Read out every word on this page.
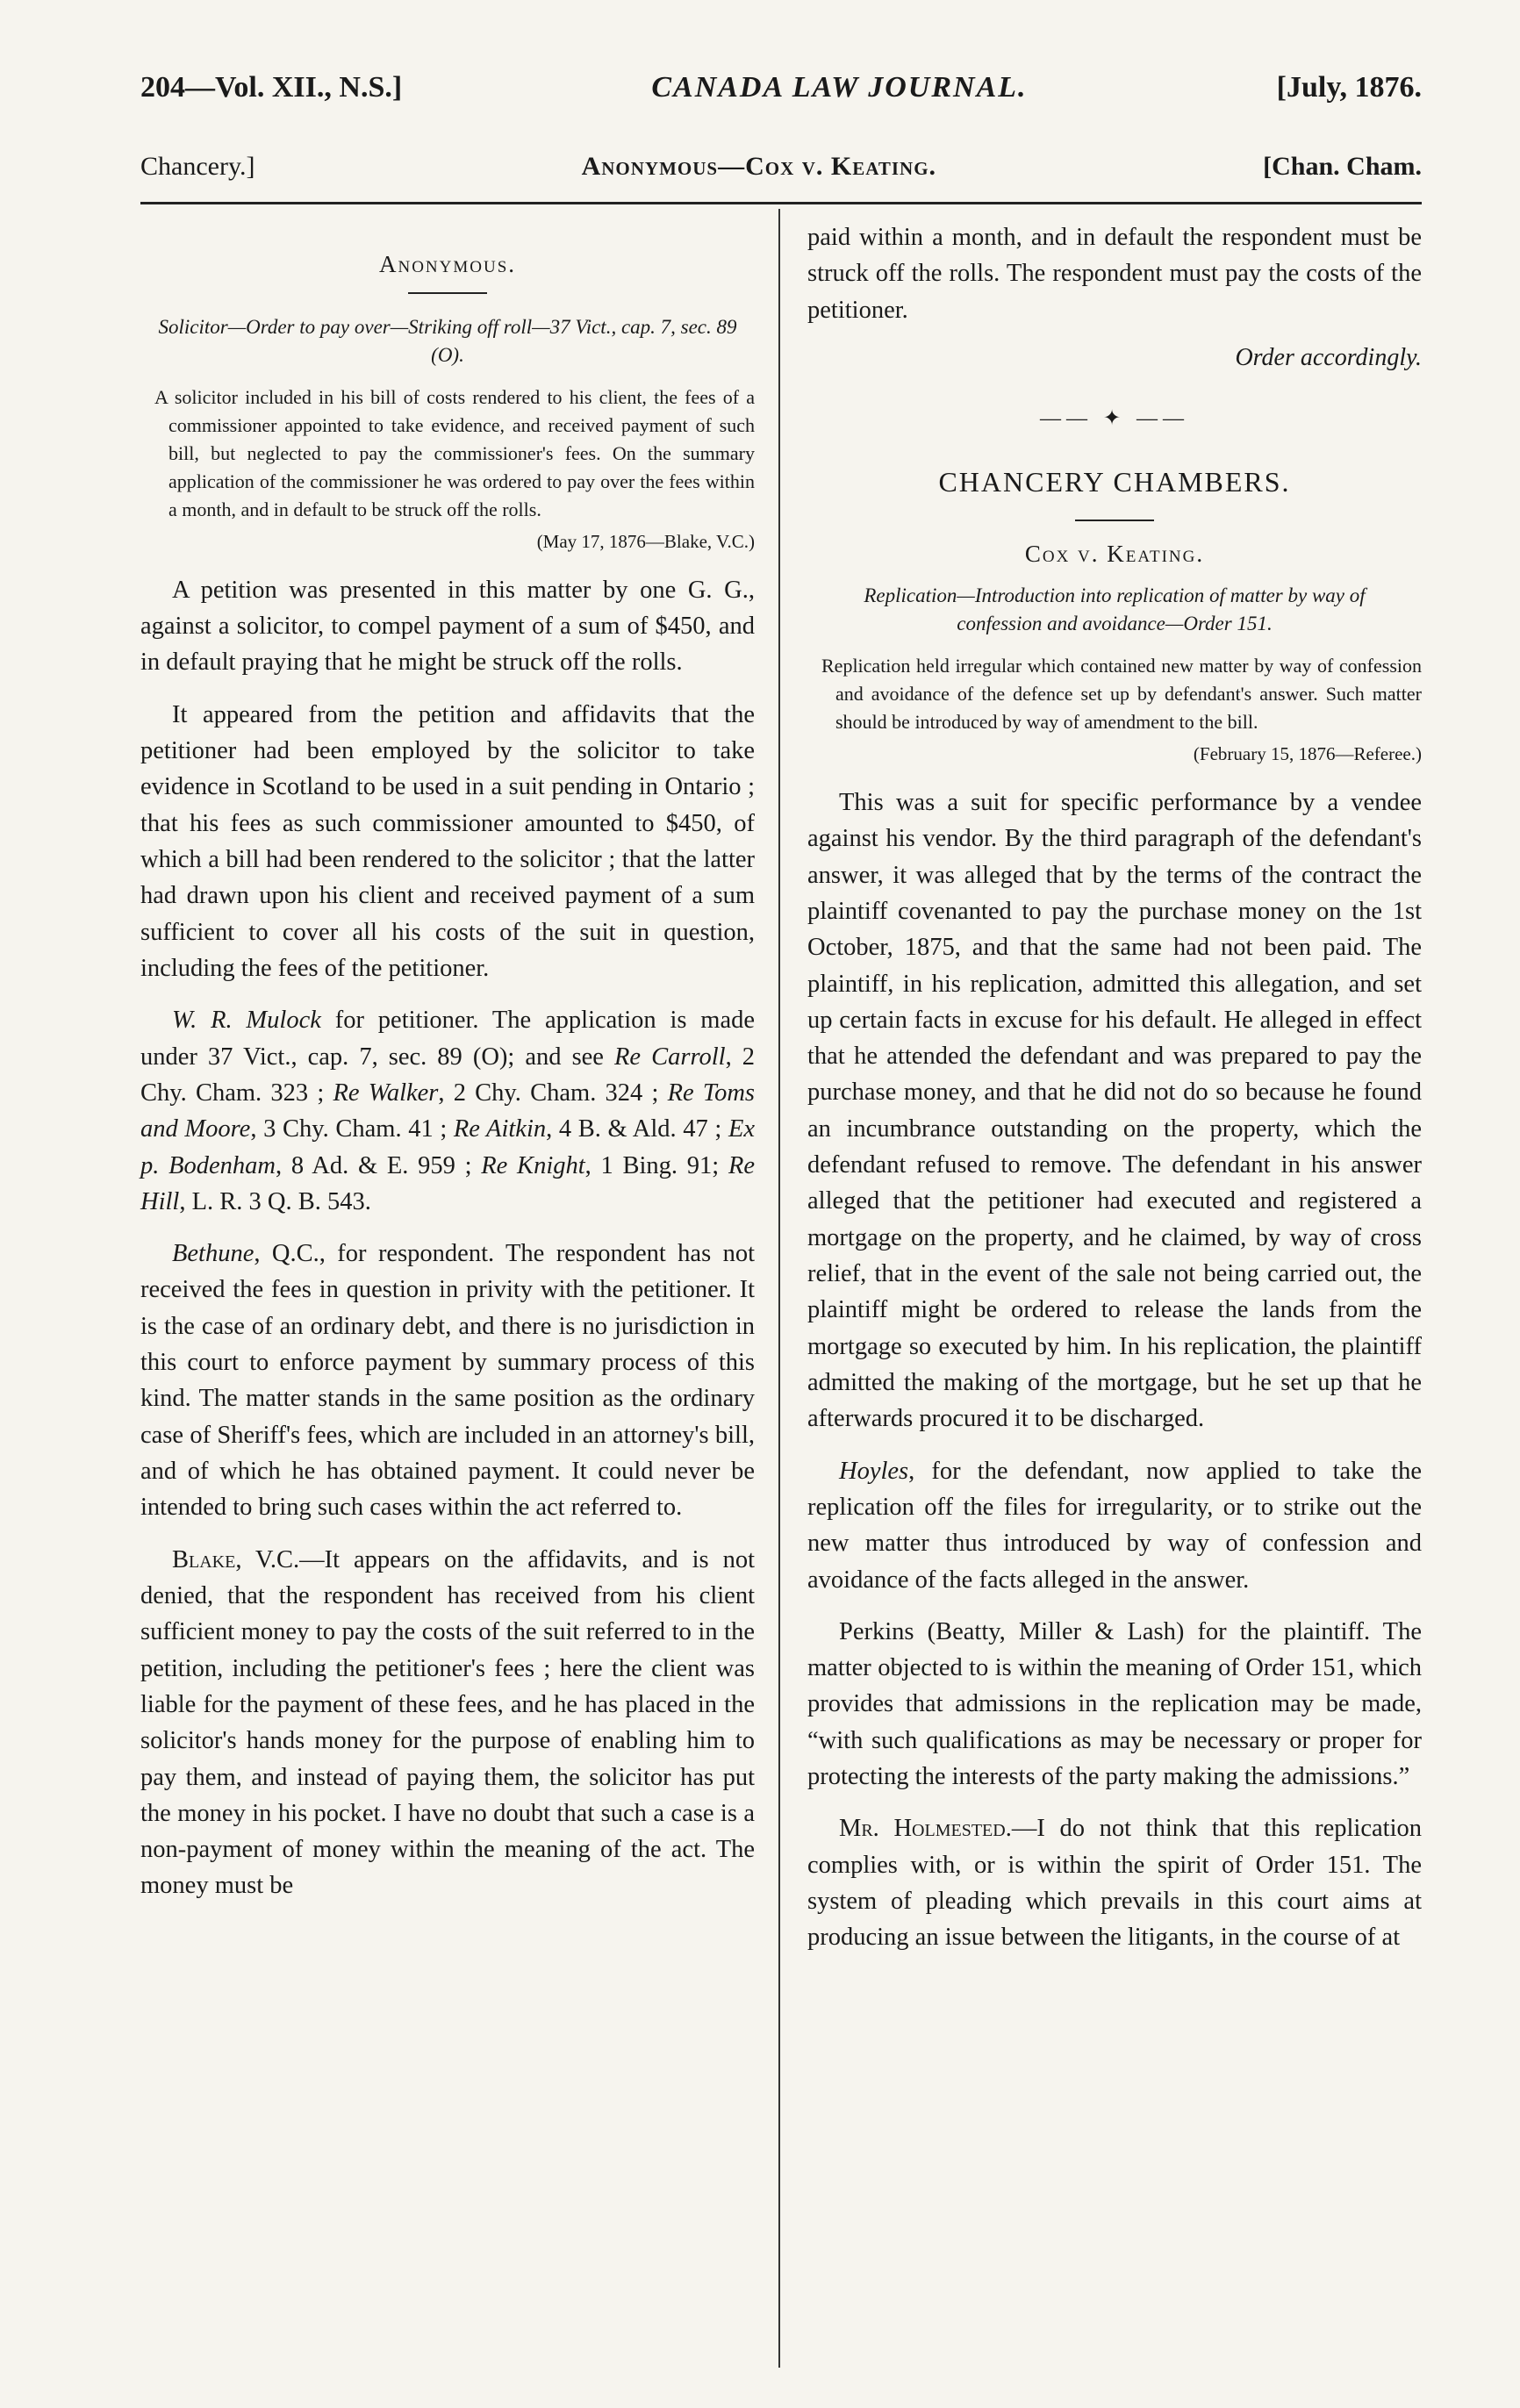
204—Vol. XII., N.S.]	CANADA LAW JOURNAL.	[July, 1876.
Chancery.]	Anonymous—Cox v. Keating.	[Chan. Cham.
Anonymous.
Solicitor—Order to pay over—Striking off roll—37 Vict., cap. 7, sec. 89 (O).
A solicitor included in his bill of costs rendered to his client, the fees of a commissioner appointed to take evidence, and received payment of such bill, but neglected to pay the commissioner's fees. On the summary application of the commissioner he was ordered to pay over the fees within a month, and in default to be struck off the rolls.
(May 17, 1876—Blake, V.C.)

A petition was presented in this matter by one G. G., against a solicitor, to compel payment of a sum of $450, and in default praying that he might be struck off the rolls.

It appeared from the petition and affidavits that the petitioner had been employed by the solicitor to take evidence in Scotland to be used in a suit pending in Ontario ; that his fees as such commissioner amounted to $450, of which a bill had been rendered to the solicitor ; that the latter had drawn upon his client and received payment of a sum sufficient to cover all his costs of the suit in question, including the fees of the petitioner.

W. R. Mulock for petitioner. The application is made under 37 Vict., cap. 7, sec. 89 (O); and see Re Carroll, 2 Chy. Cham. 323 ; Re Walker, 2 Chy. Cham. 324 ; Re Toms and Moore, 3 Chy. Cham. 41 ; Re Aitkin, 4 B. & Ald. 47 ; Ex p. Bodenham, 8 Ad. & E. 959 ; Re Knight, 1 Bing. 91; Re Hill, L. R. 3 Q. B. 543.

Bethune, Q.C., for respondent. The respondent has not received the fees in question in privity with the petitioner. It is the case of an ordinary debt, and there is no jurisdiction in this court to enforce payment by summary process of this kind. The matter stands in the same position as the ordinary case of Sheriff's fees, which are included in an attorney's bill, and of which he has obtained payment. It could never be intended to bring such cases within the act referred to.

Blake, V.C.—It appears on the affidavits, and is not denied, that the respondent has received from his client sufficient money to pay the costs of the suit referred to in the petition, including the petitioner's fees ; here the client was liable for the payment of these fees, and he has placed in the solicitor's hands money for the purpose of enabling him to pay them, and instead of paying them, the solicitor has put the money in his pocket. I have no doubt that such a case is a non-payment of money within the meaning of the act. The money must be

paid within a month, and in default the respondent must be struck off the rolls. The respondent must pay the costs of the petitioner.

Order accordingly.
—— ✦ ——
CHANCERY CHAMBERS.
Cox v. Keating.
Replication—Introduction into replication of matter by way of confession and avoidance—Order 151.
Replication held irregular which contained new matter by way of confession and avoidance of the defence set up by defendant's answer. Such matter should be introduced by way of amendment to the bill.
(February 15, 1876—Referee.)

This was a suit for specific performance by a vendee against his vendor. By the third paragraph of the defendant's answer, it was alleged that by the terms of the contract the plaintiff covenanted to pay the purchase money on the 1st October, 1875, and that the same had not been paid. The plaintiff, in his replication, admitted this allegation, and set up certain facts in excuse for his default. He alleged in effect that he attended the defendant and was prepared to pay the purchase money, and that he did not do so because he found an incumbrance outstanding on the property, which the defendant refused to remove. The defendant in his answer alleged that the petitioner had executed and registered a mortgage on the property, and he claimed, by way of cross relief, that in the event of the sale not being carried out, the plaintiff might be ordered to release the lands from the mortgage so executed by him. In his replication, the plaintiff admitted the making of the mortgage, but he set up that he afterwards procured it to be discharged.

Hoyles, for the defendant, now applied to take the replication off the files for irregularity, or to strike out the new matter thus introduced by way of confession and avoidance of the facts alleged in the answer.

Perkins (Beatty, Miller & Lash) for the plaintiff. The matter objected to is within the meaning of Order 151, which provides that admissions in the replication may be made, “with such qualifications as may be necessary or proper for protecting the interests of the party making the admissions.”

Mr. Holmested.—I do not think that this replication complies with, or is within the spirit of Order 151. The system of pleading which prevails in this court aims at producing an issue between the litigants, in the course of at
